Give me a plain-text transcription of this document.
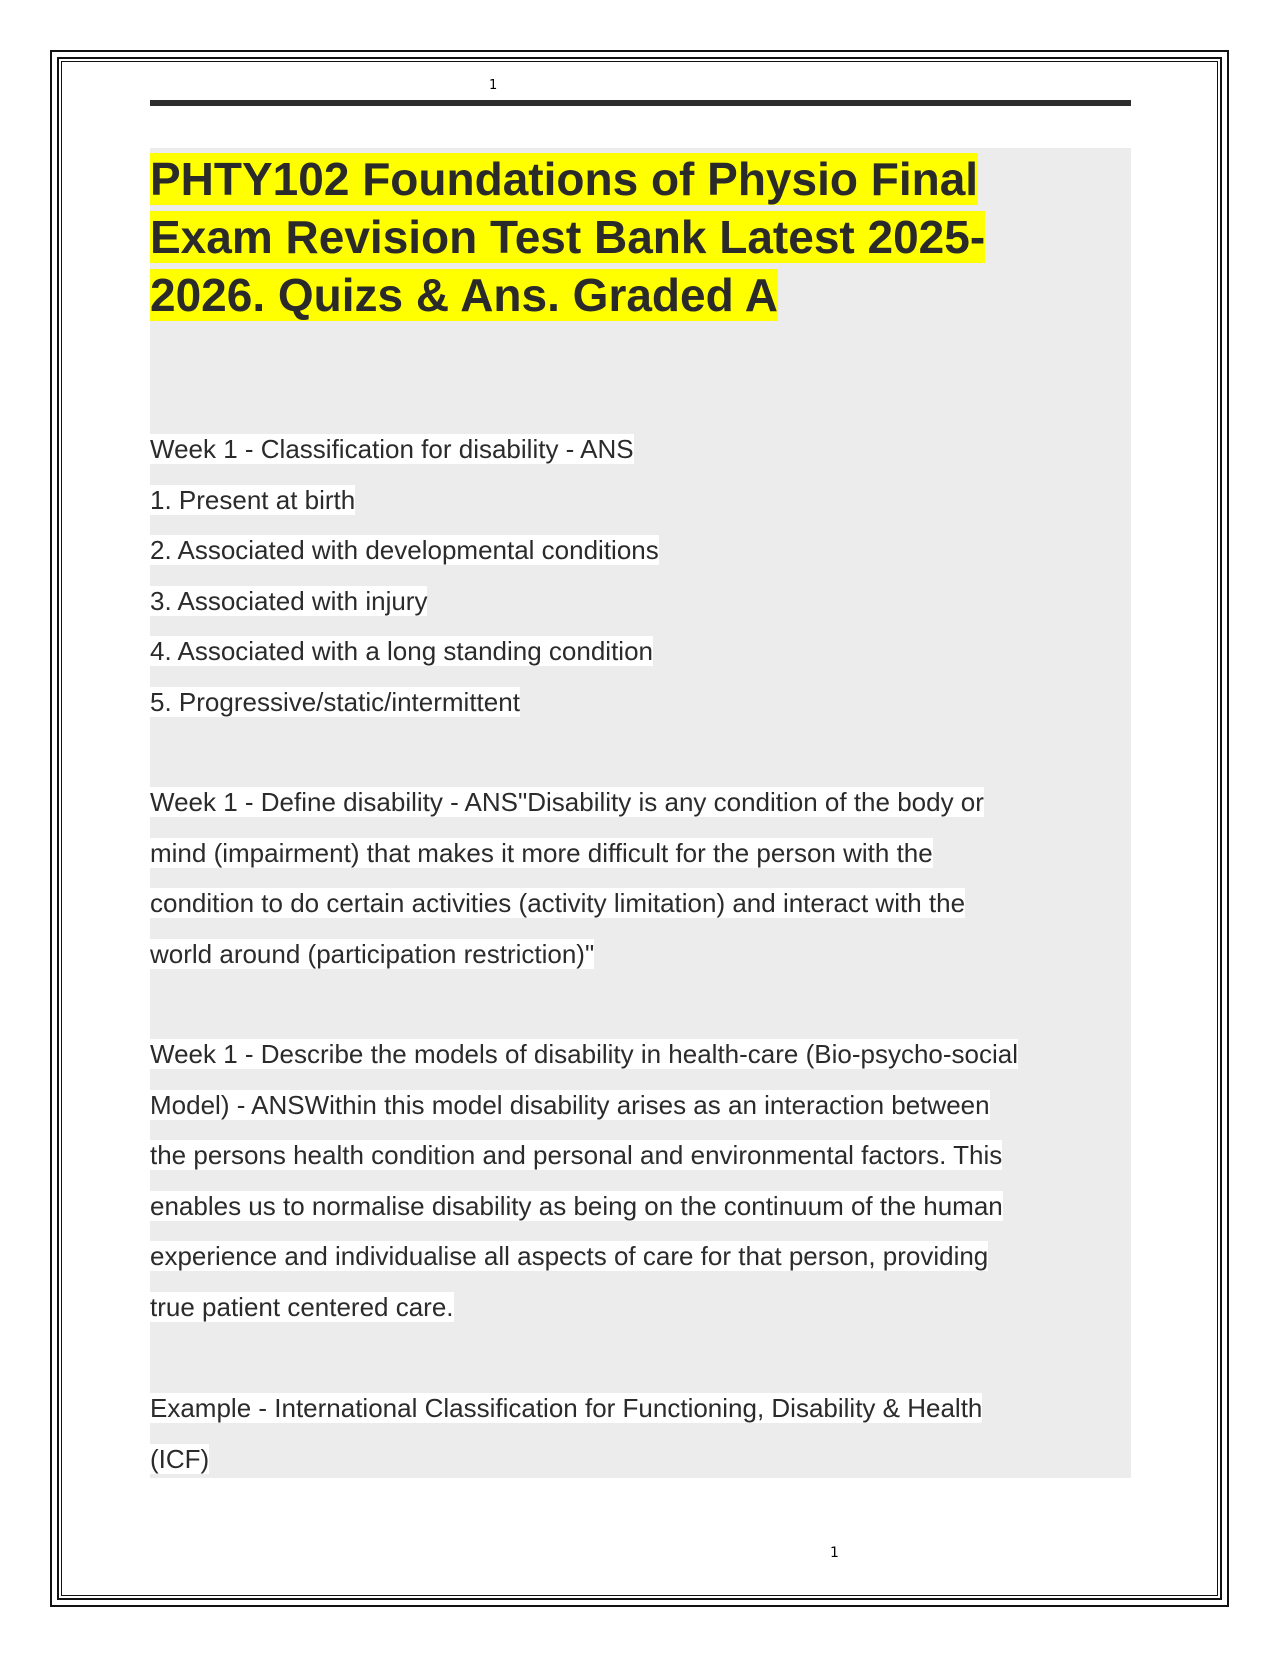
1
PHTY102 Foundations of Physio Final
Exam Revision Test Bank Latest 2025-
2026. Quizs & Ans. Graded A
Week 1 - Classification for disability - ANS
1. Present at birth
2. Associated with developmental conditions
3. Associated with injury
4. Associated with a long standing condition
5. Progressive/static/intermittent
Week 1 - Define disability - ANS"Disability is any condition of the body or
mind (impairment) that makes it more difficult for the person with the
condition to do certain activities (activity limitation) and interact with the
world around (participation restriction)"
Week 1 - Describe the models of disability in health-care (Bio-psycho-social
Model) - ANSWithin this model disability arises as an interaction between
the persons health condition and personal and environmental factors. This
enables us to normalise disability as being on the continuum of the human
experience and individualise all aspects of care for that person, providing
true patient centered care.
Example - International Classification for Functioning, Disability & Health
(ICF)
1
